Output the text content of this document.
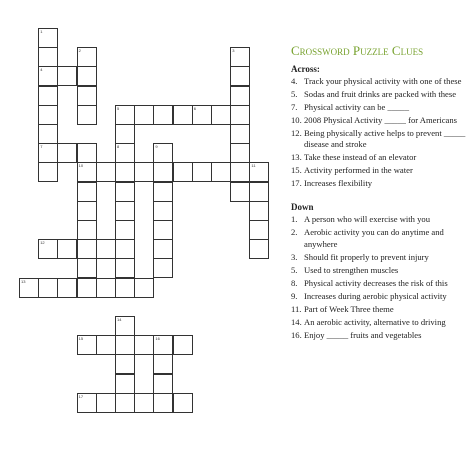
1
4
7
2	3
5	6
8	9
10	11
12
13
14
15	16
17
Crossword Puzzle Clues
Across:
4. Track your physical activity with one of these
5. Sodas and fruit drinks are packed with these
7. Physical activity can be _____
10. 2008 Physical Activity _____ for Americans
12. Being physically active helps to prevent _____ disease and stroke
13. Take these instead of an elevator
15. Activity performed in the water
17. Increases flexibility
Down
1. A person who will exercise with you
2. Aerobic activity you can do anytime and anywhere
3. Should fit properly to prevent injury
5. Used to strengthen muscles
8. Physical activity decreases the risk of this
9. Increases during aerobic physical activity
11. Part of Week Three theme
14. An aerobic activity, alternative to driving
16. Enjoy _____ fruits and vegetables
